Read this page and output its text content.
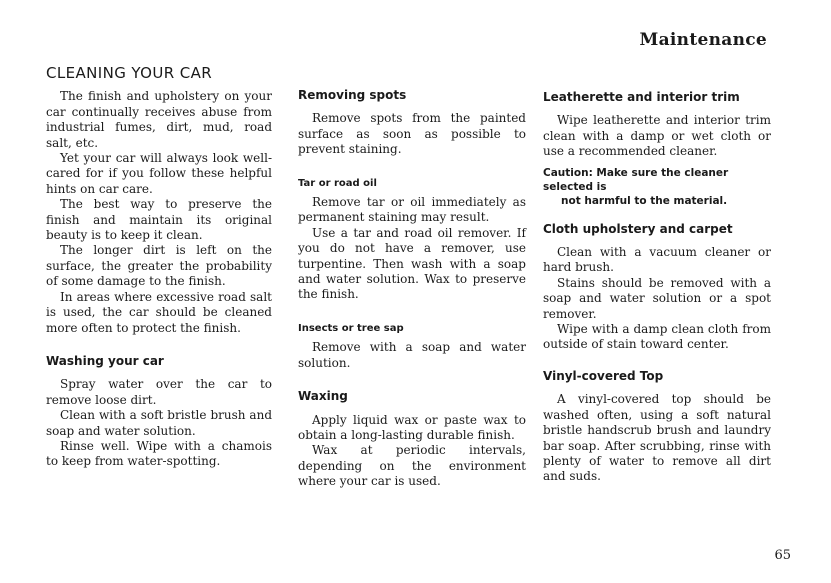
Maintenance
CLEANING YOUR CAR

The finish and upholstery on your car continually receives abuse from industrial fumes, dirt, mud, road salt, etc.

Yet your car will always look well-cared for if you follow these helpful hints on car care.

The best way to preserve the finish and maintain its original beauty is to keep it clean.

The longer dirt is left on the surface, the greater the probability of some damage to the finish.

In areas where excessive road salt is used, the car should be cleaned more often to protect the finish.

Washing your car

Spray water over the car to remove loose dirt.

Clean with a soft bristle brush and soap and water solution.

Rinse well. Wipe with a chamois to keep from water-spotting.

Removing spots

Remove spots from the painted surface as soon as possible to prevent staining.

Tar or road oil

Remove tar or oil immediately as permanent staining may result.

Use a tar and road oil remover. If you do not have a remover, use turpentine. Then wash with a soap and water solution. Wax to preserve the finish.

Insects or tree sap

Remove with a soap and water solution.

Waxing

Apply liquid wax or paste wax to obtain a long-lasting durable finish.

Wax at periodic intervals, depending on the environment where your car is used.

Leatherette and interior trim

Wipe leatherette and interior trim clean with a damp or wet cloth or use a recommended cleaner.

Caution: Make sure the cleaner selected is
not harmful to the material.
Cloth upholstery and carpet

Clean with a vacuum cleaner or hard brush.

Stains should be removed with a soap and water solution or a spot remover.

Wipe with a damp clean cloth from outside of stain toward center.

Vinyl-covered Top

A vinyl-covered top should be washed often, using a soft natural bristle handscrub brush and laundry bar soap. After scrubbing, rinse with plenty of water to remove all dirt and suds.

65
